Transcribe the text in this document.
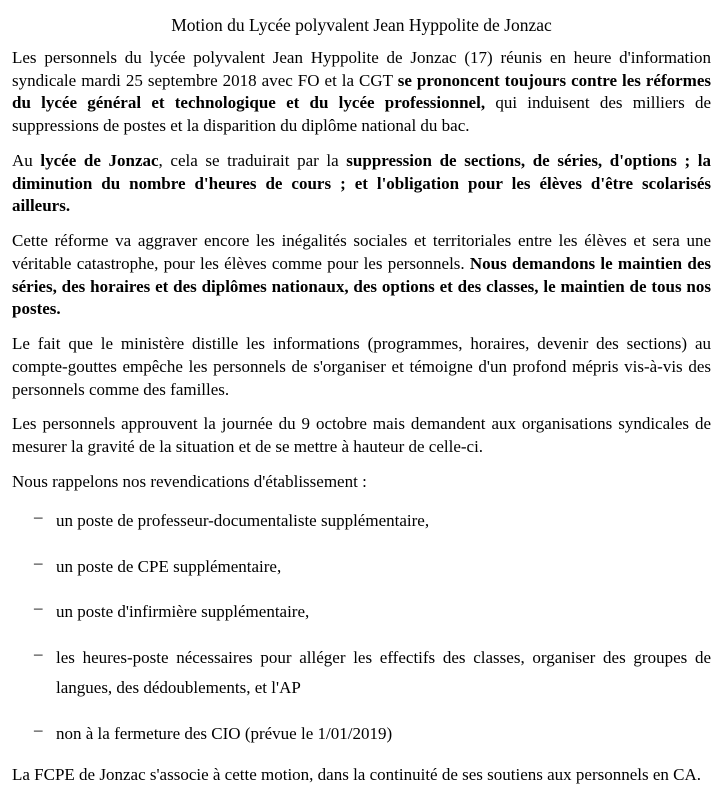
Motion du Lycée polyvalent Jean Hyppolite de Jonzac

Les personnels du lycée polyvalent Jean Hyppolite de Jonzac (17) réunis en heure d'information syndicale mardi 25 septembre 2018 avec FO et la CGT se prononcent toujours contre les réformes du lycée général et technologique et du lycée professionnel, qui induisent des milliers de suppressions de postes et la disparition du diplôme national du bac.

Au lycée de Jonzac, cela se traduirait par la suppression de sections, de séries, d'options ; la diminution du nombre d'heures de cours ; et l'obligation pour les élèves d'être scolarisés ailleurs.

Cette réforme va aggraver encore les inégalités sociales et territoriales entre les élèves et sera une véritable catastrophe, pour les élèves comme pour les personnels. Nous demandons le maintien des séries, des horaires et des diplômes nationaux, des options et des classes, le maintien de tous nos postes.

Le fait que le ministère distille les informations (programmes, horaires, devenir des sections) au compte-gouttes empêche les personnels de s'organiser et témoigne d'un profond mépris vis-à-vis des personnels comme des familles.

Les personnels approuvent la journée du 9 octobre mais demandent aux organisations syndicales de mesurer la gravité de la situation et de se mettre à hauteur de celle-ci.

Nous rappelons nos revendications d'établissement :

– un poste de professeur-documentaliste supplémentaire,
– un poste de CPE supplémentaire,
– un poste d'infirmière supplémentaire,
– les heures-poste nécessaires pour alléger les effectifs des classes, organiser des groupes de langues, des dédoublements, et l'AP
– non à la fermeture des CIO (prévue le 1/01/2019)

La FCPE de Jonzac s'associe à cette motion, dans la continuité de ses soutiens aux personnels en CA.
